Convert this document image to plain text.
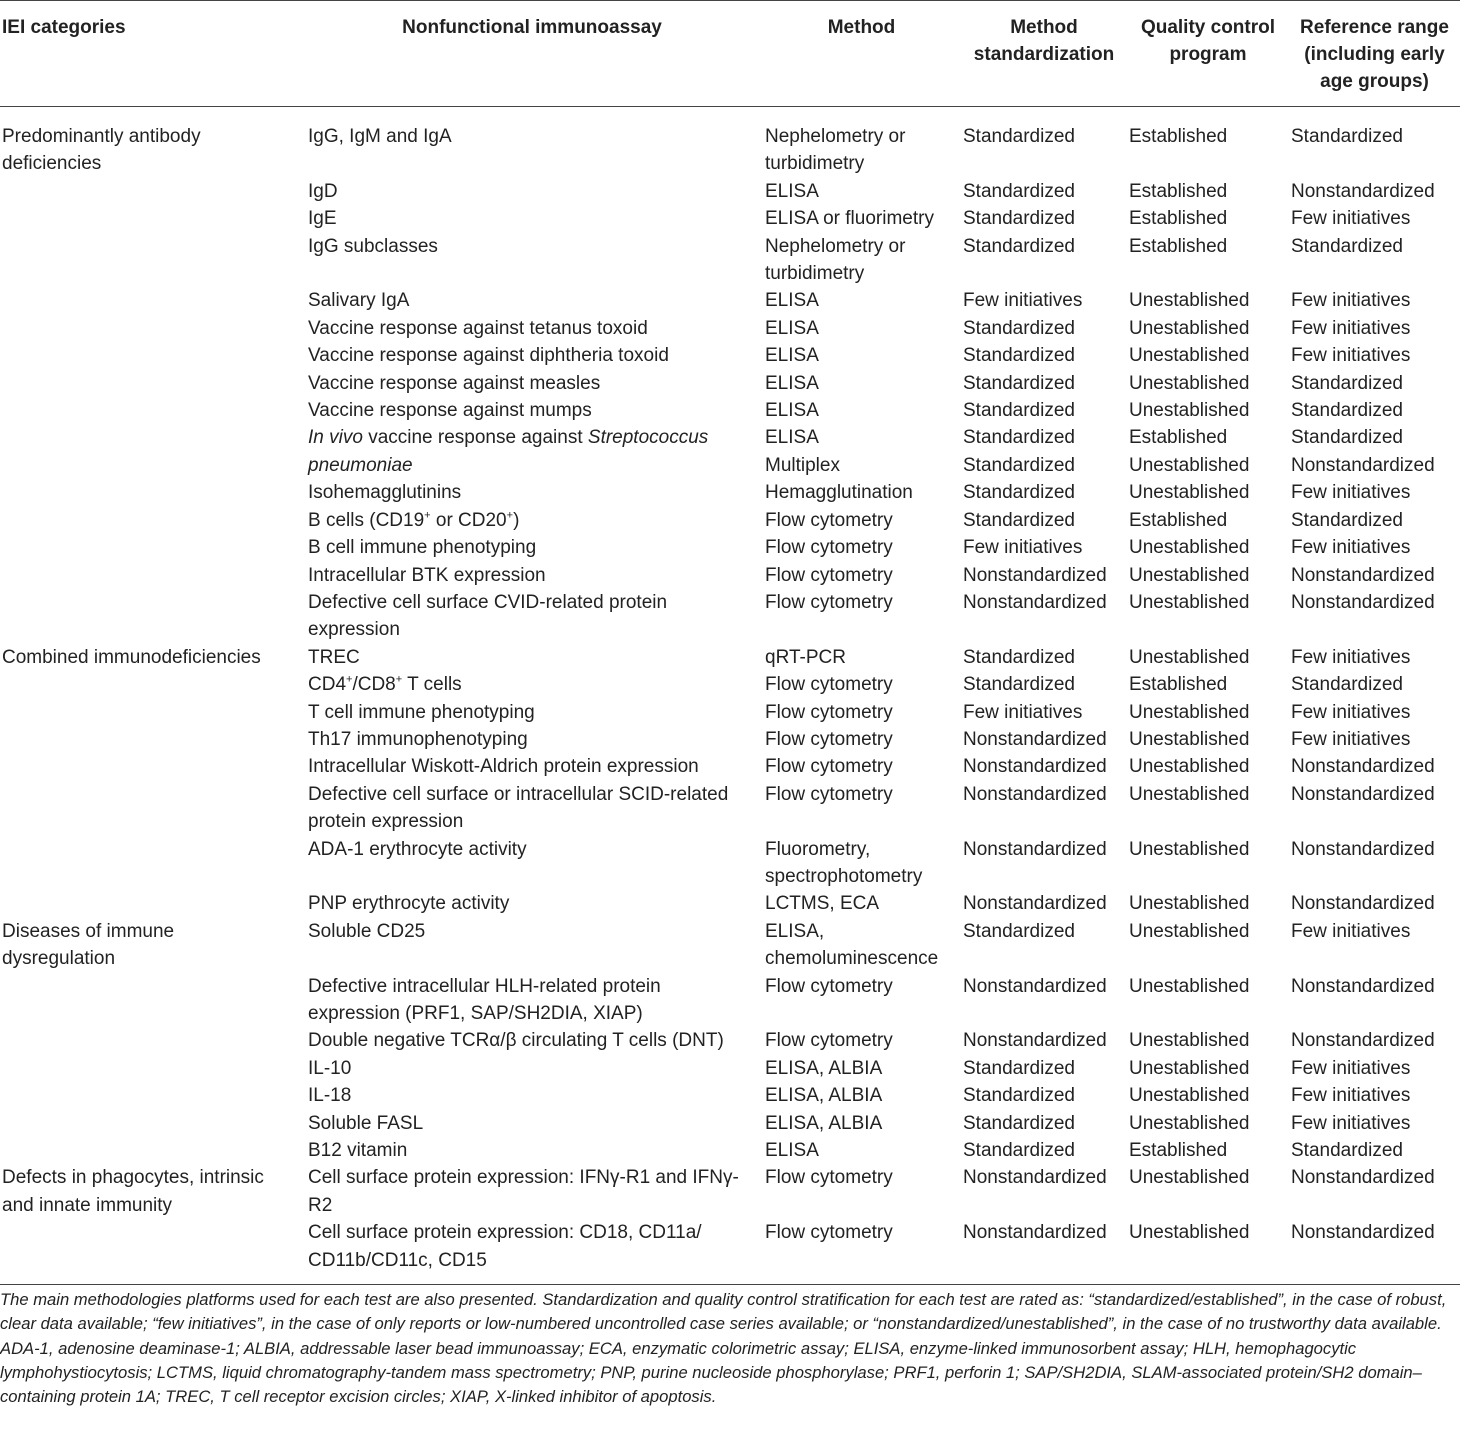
IEI categories	Nonfunctional immunoassay	Method	Method standardization	Quality control program	Reference range (including early age groups)
Predominantly antibody deficiencies	IgG, IgM and IgA	Nephelometry or turbidimetry	Standardized	Established	Standardized
	IgD	ELISA	Standardized	Established	Nonstandardized
	IgE	ELISA or fluorimetry	Standardized	Established	Few initiatives
	IgG subclasses	Nephelometry or turbidimetry	Standardized	Established	Standardized
	Salivary IgA	ELISA	Few initiatives	Unestablished	Few initiatives
	Vaccine response against tetanus toxoid	ELISA	Standardized	Unestablished	Few initiatives
	Vaccine response against diphtheria toxoid	ELISA	Standardized	Unestablished	Few initiatives
	Vaccine response against measles	ELISA	Standardized	Unestablished	Standardized
	Vaccine response against mumps	ELISA	Standardized	Unestablished	Standardized
	In vivo vaccine response against Streptococcus	ELISA	Standardized	Established	Standardized
	pneumoniae	Multiplex	Standardized	Unestablished	Nonstandardized
	Isohemagglutinins	Hemagglutination	Standardized	Unestablished	Few initiatives
	B cells (CD19+ or CD20+)	Flow cytometry	Standardized	Established	Standardized
	B cell immune phenotyping	Flow cytometry	Few initiatives	Unestablished	Few initiatives
	Intracellular BTK expression	Flow cytometry	Nonstandardized	Unestablished	Nonstandardized
	Defective cell surface CVID-related protein expression	Flow cytometry	Nonstandardized	Unestablished	Nonstandardized
Combined immunodeficiencies	TREC	qRT-PCR	Standardized	Unestablished	Few initiatives
	CD4+/CD8+ T cells	Flow cytometry	Standardized	Established	Standardized
	T cell immune phenotyping	Flow cytometry	Few initiatives	Unestablished	Few initiatives
	Th17 immunophenotyping	Flow cytometry	Nonstandardized	Unestablished	Few initiatives
	Intracellular Wiskott-Aldrich protein expression	Flow cytometry	Nonstandardized	Unestablished	Nonstandardized
	Defective cell surface or intracellular SCID-related protein expression	Flow cytometry	Nonstandardized	Unestablished	Nonstandardized
	ADA-1 erythrocyte activity	Fluorometry, spectrophotometry	Nonstandardized	Unestablished	Nonstandardized
	PNP erythrocyte activity	LCTMS, ECA	Nonstandardized	Unestablished	Nonstandardized
Diseases of immune dysregulation	Soluble CD25	ELISA, chemoluminescence	Standardized	Unestablished	Few initiatives
	Defective intracellular HLH-related protein expression (PRF1, SAP/SH2DIA, XIAP)	Flow cytometry	Nonstandardized	Unestablished	Nonstandardized
	Double negative TCRα/β circulating T cells (DNT)	Flow cytometry	Nonstandardized	Unestablished	Nonstandardized
	IL-10	ELISA, ALBIA	Standardized	Unestablished	Few initiatives
	IL-18	ELISA, ALBIA	Standardized	Unestablished	Few initiatives
	Soluble FASL	ELISA, ALBIA	Standardized	Unestablished	Few initiatives
	B12 vitamin	ELISA	Standardized	Established	Standardized
Defects in phagocytes, intrinsic and innate immunity	Cell surface protein expression: IFNγ-R1 and IFNγ-R2	Flow cytometry	Nonstandardized	Unestablished	Nonstandardized
	Cell surface protein expression: CD18, CD11a/ CD11b/CD11c, CD15	Flow cytometry	Nonstandardized	Unestablished	Nonstandardized

The main methodologies platforms used for each test are also presented. Standardization and quality control stratification for each test are rated as: “standardized/established”, in the case of robust, clear data available; “few initiatives”, in the case of only reports or low-numbered uncontrolled case series available; or “nonstandardized/unestablished”, in the case of no trustworthy data available.

ADA-1, adenosine deaminase-1; ALBIA, addressable laser bead immunoassay; ECA, enzymatic colorimetric assay; ELISA, enzyme-linked immunosorbent assay; HLH, hemophagocytic lymphohystiocytosis; LCTMS, liquid chromatography-tandem mass spectrometry; PNP, purine nucleoside phosphorylase; PRF1, perforin 1; SAP/SH2DIA, SLAM-associated protein/SH2 domain–containing protein 1A; TREC, T cell receptor excision circles; XIAP, X-linked inhibitor of apoptosis.
